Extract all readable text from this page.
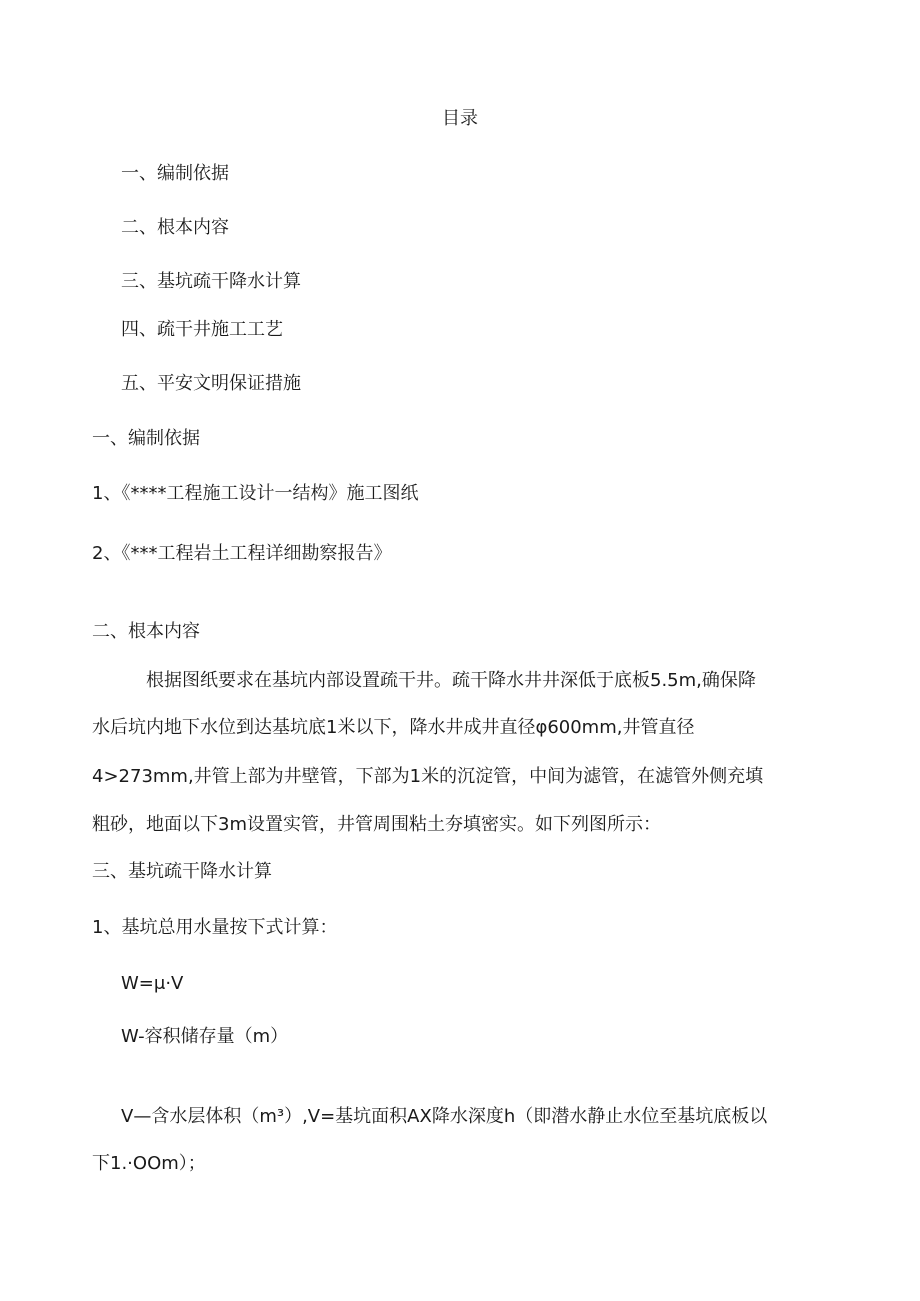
目录
一、编制依据
二、根本内容
三、基坑疏干降水计算
四、疏干井施工工艺
五、平安文明保证措施
一、编制依据
1、《****工程施工设计一结构》施工图纸
2、《***工程岩土工程详细勘察报告》
二、根本内容
根据图纸要求在基坑内部设置疏干井。疏干降水井井深低于底板5.5m,确保降
水后坑内地下水位到达基坑底1米以下，降水井成井直径φ600mm,井管直径
4>273mm,井管上部为井壁管，下部为1米的沉淀管，中间为滤管，在滤管外侧充填
粗砂，地面以下3m设置实管，井管周围粘土夯填密实。如下列图所示：
三、基坑疏干降水计算
1、基坑总用水量按下式计算：
W=μ·V
W-容积储存量（m）
V—含水层体积（m³）,V=基坑面积AX降水深度h（即潜水静止水位至基坑底板以
下1.·OOm）；
